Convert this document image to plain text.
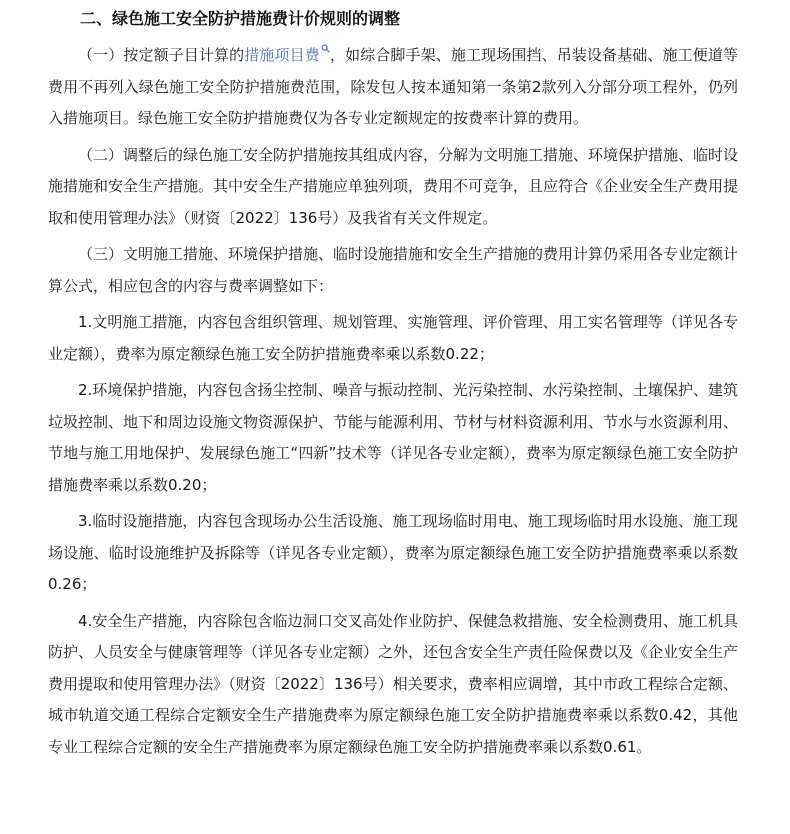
二、绿色施工安全防护措施费计价规则的调整

（一）按定额子目计算的措施项目费 ，如综合脚手架、施工现场围挡、吊装设备基础、施工便道等费用不再列入绿色施工安全防护措施费范围，除发包人按本通知第一条第2款列入分部分项工程外，仍列入措施项目。绿色施工安全防护措施费仅为各专业定额规定的按费率计算的费用。

（二）调整后的绿色施工安全防护措施按其组成内容，分解为文明施工措施、环境保护措施、临时设施措施和安全生产措施。其中安全生产措施应单独列项，费用不可竞争，且应符合《企业安全生产费用提取和使用管理办法》（财资〔2022〕136号）及我省有关文件规定。

（三）文明施工措施、环境保护措施、临时设施措施和安全生产措施的费用计算仍采用各专业定额计算公式，相应包含的内容与费率调整如下：

1.文明施工措施，内容包含组织管理、规划管理、实施管理、评价管理、用工实名管理等（详见各专业定额），费率为原定额绿色施工安全防护措施费率乘以系数0.22；

2.环境保护措施，内容包含扬尘控制、噪音与振动控制、光污染控制、水污染控制、土壤保护、建筑垃圾控制、地下和周边设施文物资源保护、节能与能源利用、节材与材料资源利用、节水与水资源利用、节地与施工用地保护、发展绿色施工“四新”技术等（详见各专业定额），费率为原定额绿色施工安全防护措施费率乘以系数0.20；

3.临时设施措施，内容包含现场办公生活设施、施工现场临时用电、施工现场临时用水设施、施工现场设施、临时设施维护及拆除等（详见各专业定额），费率为原定额绿色施工安全防护措施费率乘以系数0.26；

4.安全生产措施，内容除包含临边洞口交叉高处作业防护、保健急救措施、安全检测费用、施工机具防护、人员安全与健康管理等（详见各专业定额）之外，还包含安全生产责任险保费以及《企业安全生产费用提取和使用管理办法》（财资〔2022〕136号）相关要求，费率相应调增，其中市政工程综合定额、城市轨道交通工程综合定额安全生产措施费率为原定额绿色施工安全防护措施费率乘以系数0.42，其他专业工程综合定额的安全生产措施费率为原定额绿色施工安全防护措施费率乘以系数0.61。
